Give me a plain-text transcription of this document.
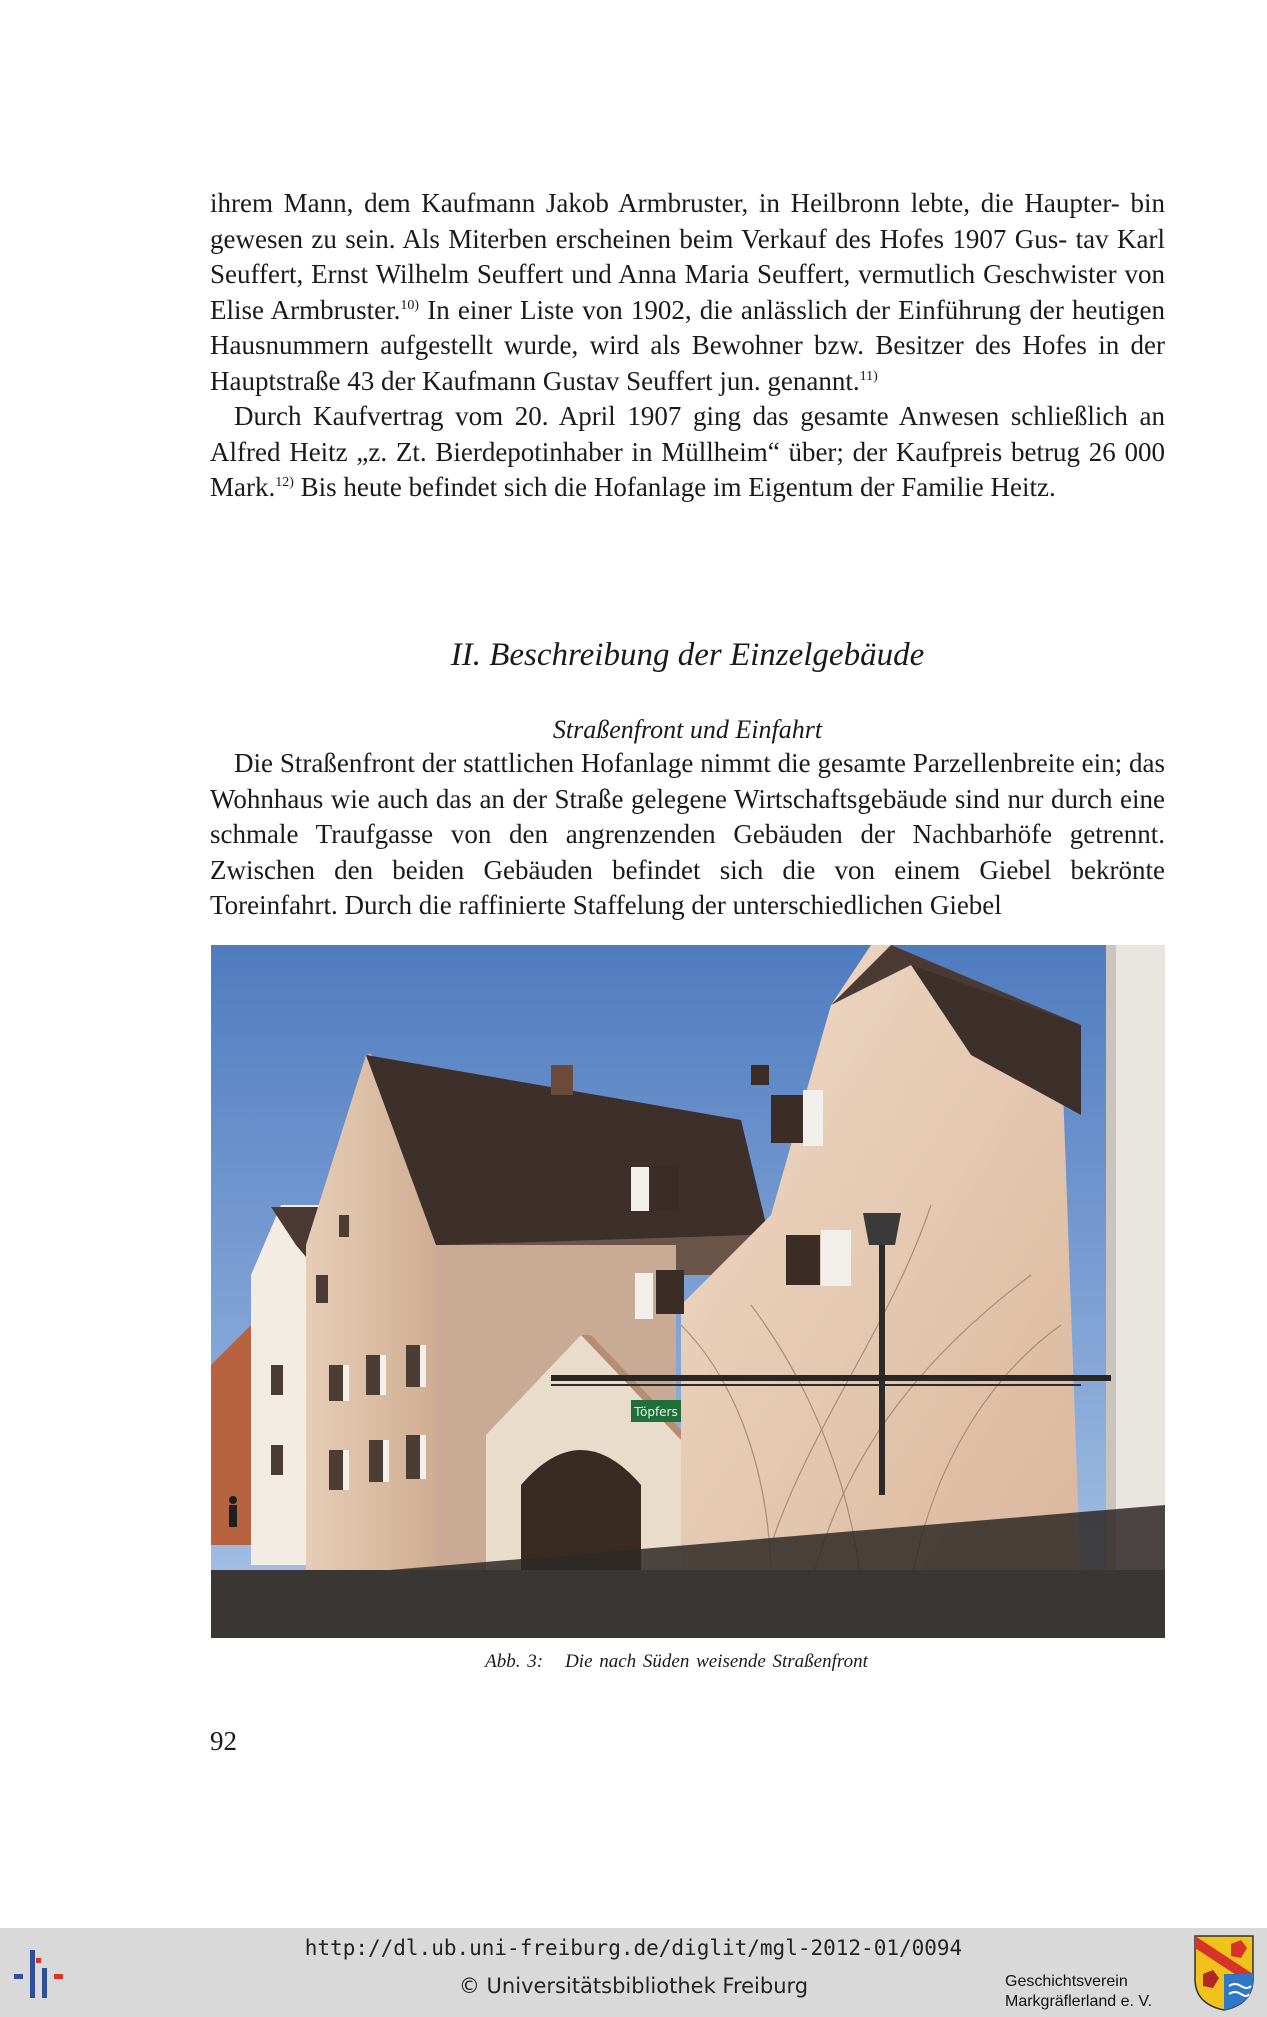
ihrem Mann, dem Kaufmann Jakob Armbruster, in Heilbronn lebte, die Haupter- bin gewesen zu sein. Als Miterben erscheinen beim Verkauf des Hofes 1907 Gus- tav Karl Seuffert, Ernst Wilhelm Seuffert und Anna Maria Seuffert, vermutlich Geschwister von Elise Armbruster.$^{10)}$ In einer Liste von 1902, die anlässlich der Einführung der heutigen Hausnummern aufgestellt wurde, wird als Bewohner bzw. Besitzer des Hofes in der Hauptstraße 43 der Kaufmann Gustav Seuffert jun. genannt.$^{11)}$

Durch Kaufvertrag vom 20. April 1907 ging das gesamte Anwesen schließlich an Alfred Heitz „z. Zt. Bierdepotinhaber in Müllheim“ über; der Kaufpreis betrug 26 000 Mark.$^{12)}$ Bis heute befindet sich die Hofanlage im Eigentum der Familie Heitz.

II. Beschreibung der Einzelgebäude
Straßenfront und Einfahrt

Die Straßenfront der stattlichen Hofanlage nimmt die gesamte Parzellenbreite ein; das Wohnhaus wie auch das an der Straße gelegene Wirtschaftsgebäude sind nur durch eine schmale Traufgasse von den angrenzenden Gebäuden der Nachbarhöfe getrennt. Zwischen den beiden Gebäuden befindet sich die von einem Giebel bekrönte Toreinfahrt. Durch die raffinierte Staffelung der unterschiedlichen Giebel

Töpfers
Abb. 3: Die nach Süden weisende Straßenfront
92
http://dl.ub.uni-freiburg.de/diglit/mgl-2012-01/0094
© Universitätsbibliothek Freiburg	Geschichtsverein
Markgräflerland e. V.
